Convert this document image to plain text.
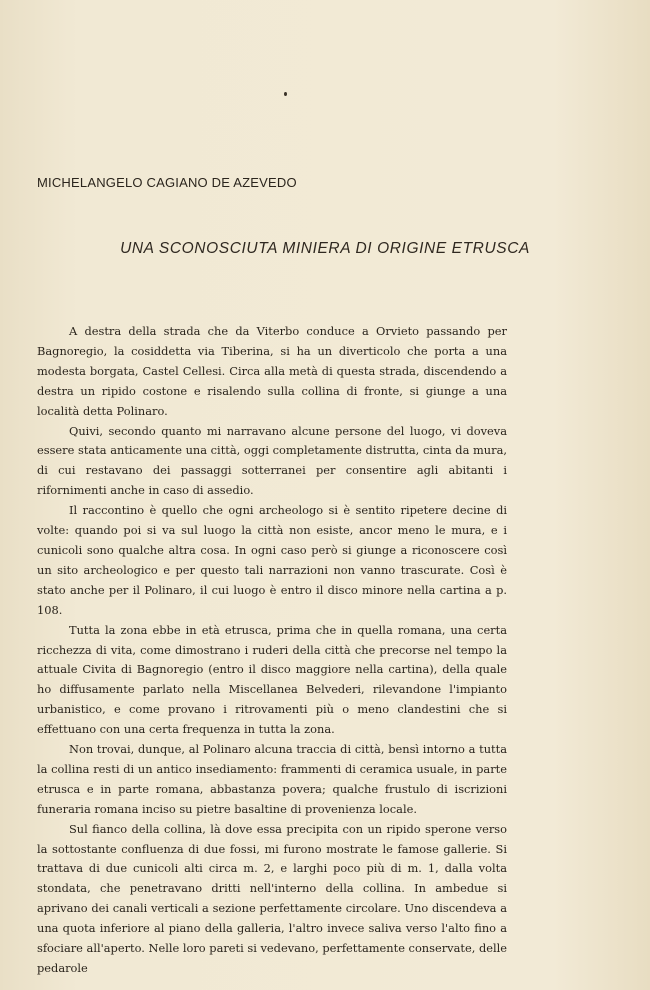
MICHELANGELO CAGIANO DE AZEVEDO
UNA SCONOSCIUTA MINIERA DI ORIGINE ETRUSCA

A destra della strada che da Viterbo conduce a Orvieto passando per Bagnoregio, la cosiddetta via Tiberina, si ha un diverticolo che porta a una modesta borgata, Castel Cellesi. Circa alla metà di questa strada, discendendo a destra un ripido costone e risalendo sulla collina di fronte, si giunge a una località detta Polinaro.

Quivi, secondo quanto mi narravano alcune persone del luogo, vi doveva essere stata anticamente una città, oggi completamente distrutta, cinta da mura, di cui restavano dei passaggi sotterranei per consentire agli abitanti i rifornimenti anche in caso di assedio.

Il raccontino è quello che ogni archeologo si è sentito ripetere decine di volte: quando poi si va sul luogo la città non esiste, ancor meno le mura, e i cunicoli sono qualche altra cosa. In ogni caso però si giunge a riconoscere così un sito archeologico e per questo tali narrazioni non vanno trascurate. Così è stato anche per il Polinaro, il cui luogo è entro il disco minore nella cartina a p. 108.

Tutta la zona ebbe in età etrusca, prima che in quella romana, una certa ricchezza di vita, come dimostrano i ruderi della città che precorse nel tempo la attuale Civita di Bagnoregio (entro il disco maggiore nella cartina), della quale ho diffusamente parlato nella Miscellanea Belvederi, rilevandone l'impianto urbanistico, e come provano i ritrovamenti più o meno clandestini che si effettuano con una certa frequenza in tutta la zona.

Non trovai, dunque, al Polinaro alcuna traccia di città, bensì intorno a tutta la collina resti di un antico insediamento: frammenti di ceramica usuale, in parte etrusca e in parte romana, abbastanza povera; qualche frustulo di iscrizioni funeraria romana inciso su pietre basaltine di provenienza locale.

Sul fianco della collina, là dove essa precipita con un ripido sperone verso la sottostante confluenza di due fossi, mi furono mostrate le famose gallerie. Si trattava di due cunicoli alti circa m. 2, e larghi poco più di m. 1, dalla volta stondata, che penetravano dritti nell'interno della collina. In ambedue si aprivano dei canali verticali a sezione perfettamente circolare. Uno discendeva a una quota inferiore al piano della galleria, l'altro invece saliva verso l'alto fino a sfociare all'aperto. Nelle loro pareti si vedevano, perfettamente conservate, delle pedarole
